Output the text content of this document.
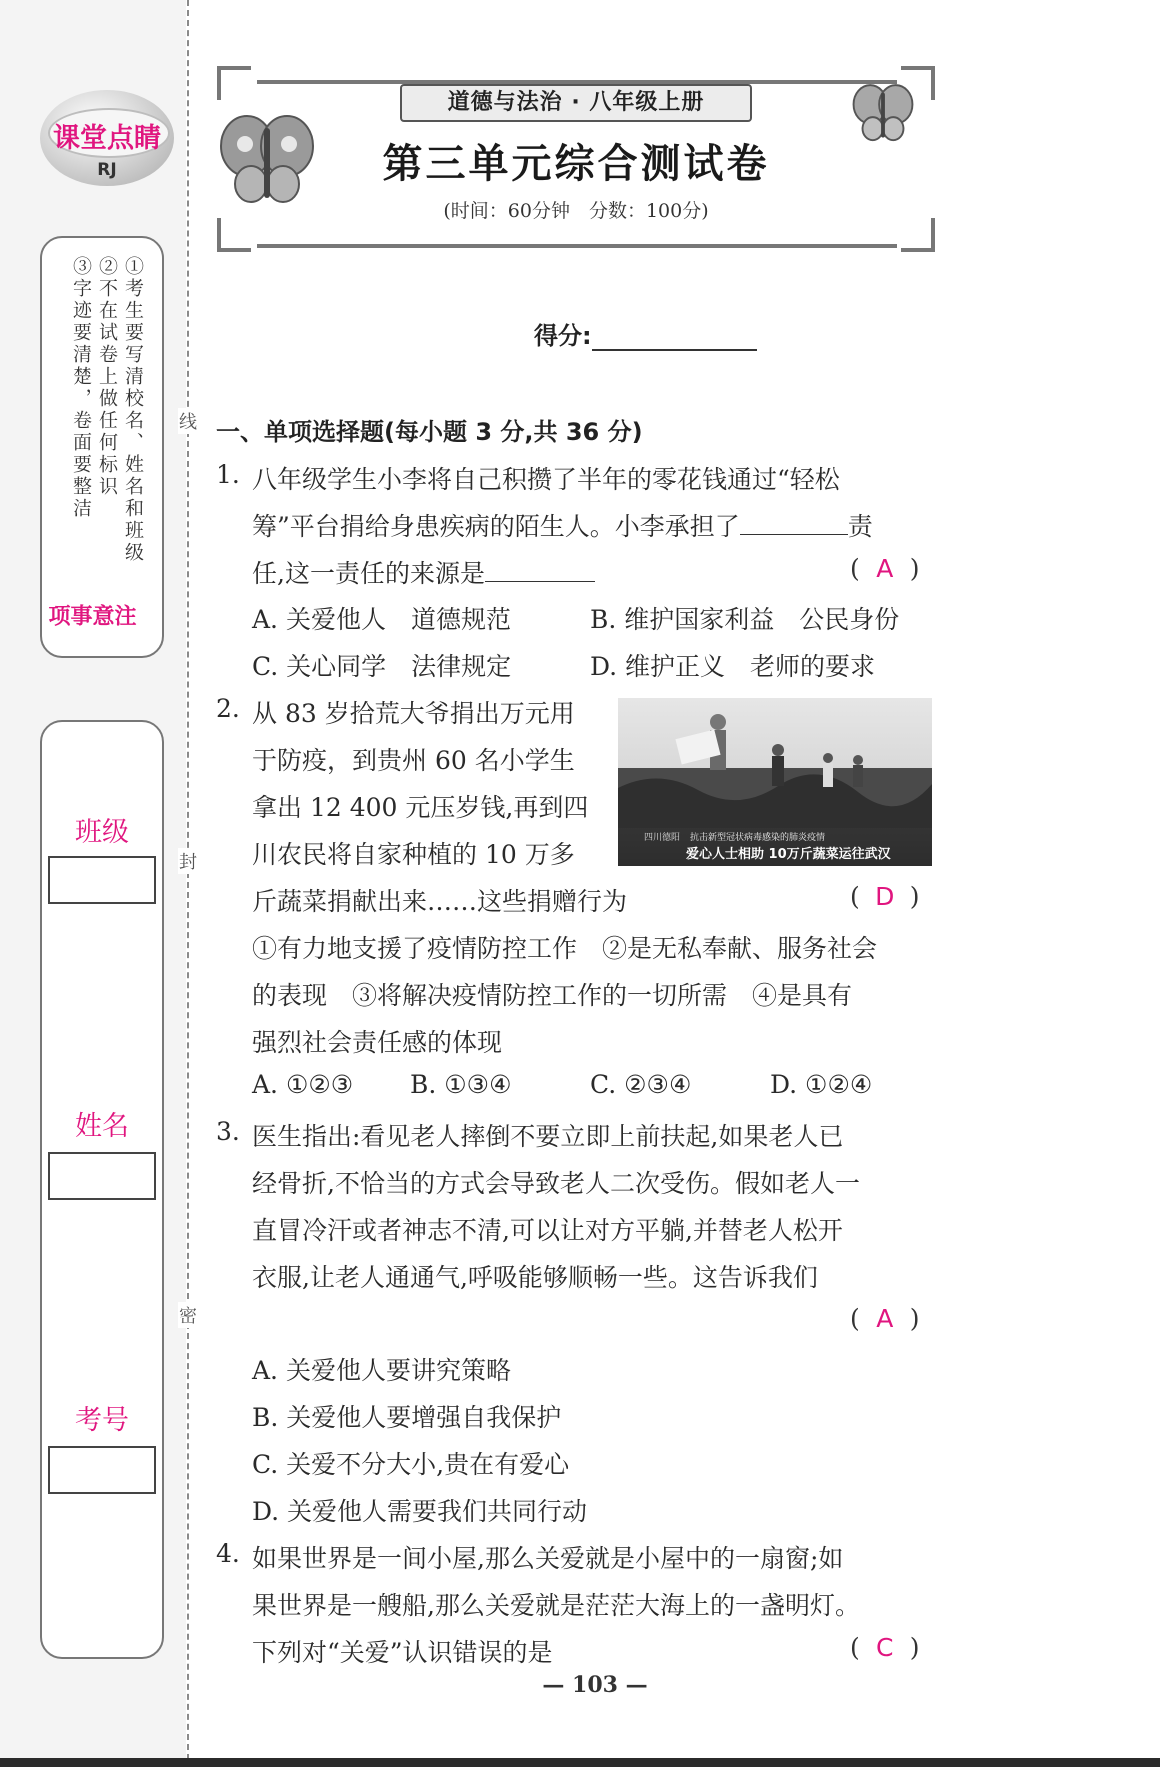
线
封
密
课堂点睛
RJ
①考生要写清校名、姓名和班级
②不在试卷上做任何标识
③字迹要清楚，卷面要整洁
注意事项
班级
姓名
考号
道德与法治 · 八年级上册
第三单元综合测试卷
(时间：60分钟　分数：100分)
得分:
一、单项选择题(每小题 3 分,共 36 分)
1. 八年级学生小李将自己积攒了半年的零花钱通过“轻松
筹”平台捐给身患疾病的陌生人。小李承担了	责
任,这一责任的来源是	( A )
A. 关爱他人　道德规范	B. 维护国家利益　公民身份
C. 关心同学　法律规定	D. 维护正义　老师的要求
2. 从 83 岁拾荒大爷捐出万元用
于防疫，到贵州 60 名小学生
拿出 12 400 元压岁钱,再到四
川农民将自家种植的 10 万多
斤蔬菜捐献出来……这些捐赠行为	( D )
四川德阳 抗击新型冠状病毒感染的肺炎疫情
爱心人士相助 10万斤蔬菜运往武汉
①有力地支援了疫情防控工作　②是无私奉献、服务社会
的表现　③将解决疫情防控工作的一切所需　④是具有
强烈社会责任感的体现
A. ①②③ B. ①③④	C. ②③④	D. ①②④
3. 医生指出:看见老人摔倒不要立即上前扶起,如果老人已
经骨折,不恰当的方式会导致老人二次受伤。假如老人一
直冒冷汗或者神志不清,可以让对方平躺,并替老人松开
衣服,让老人通通气,呼吸能够顺畅一些。这告诉我们
( A )
A. 关爱他人要讲究策略
B. 关爱他人要增强自我保护
C. 关爱不分大小,贵在有爱心
D. 关爱他人需要我们共同行动
4. 如果世界是一间小屋,那么关爱就是小屋中的一扇窗;如
果世界是一艘船,那么关爱就是茫茫大海上的一盏明灯。
下列对“关爱”认识错误的是	( C )
— 103 —
